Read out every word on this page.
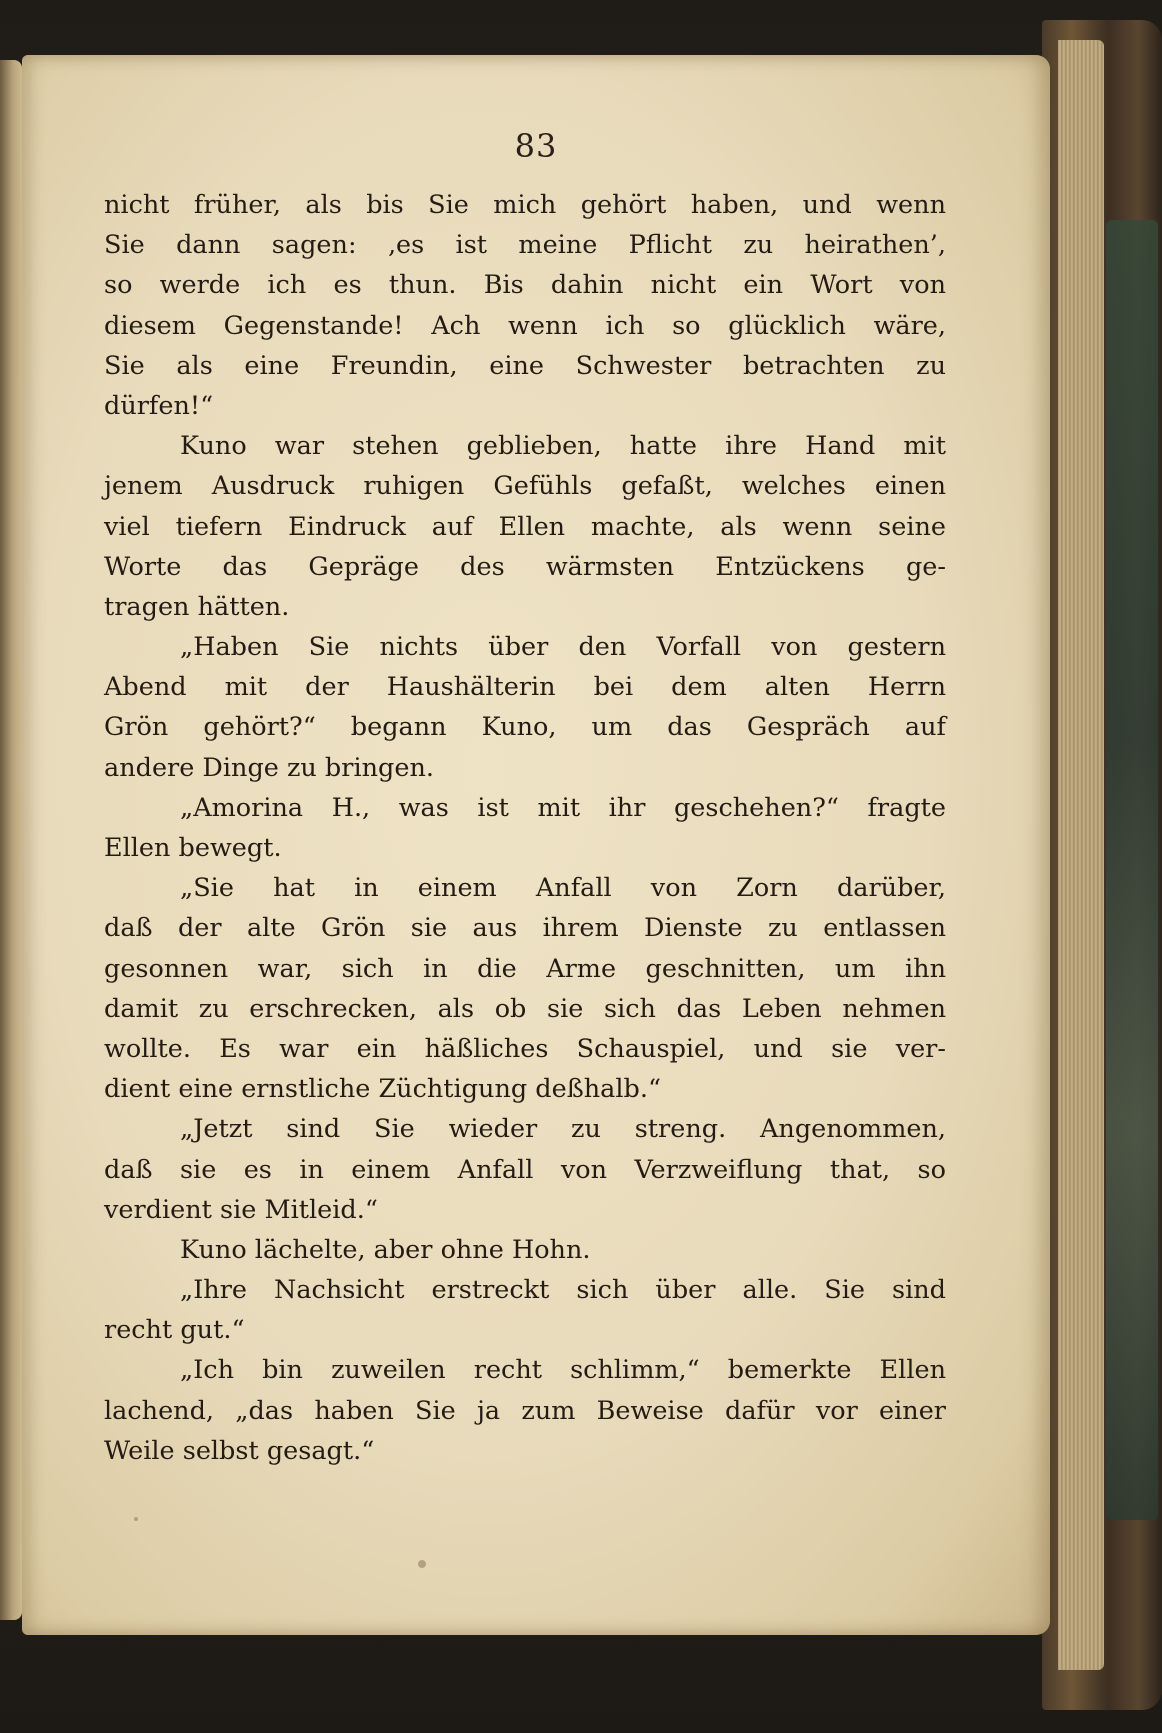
83
nicht früher, als bis Sie mich gehört haben, und wenn
Sie dann sagen: ‚es ist meine Pflicht zu heirathen’,
so werde ich es thun. Bis dahin nicht ein Wort von
diesem Gegenstande! Ach wenn ich so glücklich wäre,
Sie als eine Freundin, eine Schwester betrachten zu
dürfen!“
Kuno war stehen geblieben, hatte ihre Hand mit
jenem Ausdruck ruhigen Gefühls gefaßt, welches einen
viel tiefern Eindruck auf Ellen machte, als wenn seine
Worte das Gepräge des wärmsten Entzückens ge-
tragen hätten.
„Haben Sie nichts über den Vorfall von gestern
Abend mit der Haushälterin bei dem alten Herrn
Grön gehört?“ begann Kuno, um das Gespräch auf
andere Dinge zu bringen.
„Amorina H., was ist mit ihr geschehen?“ fragte
Ellen bewegt.
„Sie hat in einem Anfall von Zorn darüber,
daß der alte Grön sie aus ihrem Dienste zu entlassen
gesonnen war, sich in die Arme geschnitten, um ihn
damit zu erschrecken, als ob sie sich das Leben nehmen
wollte. Es war ein häßliches Schauspiel, und sie ver-
dient eine ernstliche Züchtigung deßhalb.“
„Jetzt sind Sie wieder zu streng. Angenommen,
daß sie es in einem Anfall von Verzweiflung that, so
verdient sie Mitleid.“
Kuno lächelte, aber ohne Hohn.
„Ihre Nachsicht erstreckt sich über alle. Sie sind
recht gut.“
„Ich bin zuweilen recht schlimm,“ bemerkte Ellen
lachend, „das haben Sie ja zum Beweise dafür vor einer
Weile selbst gesagt.“
